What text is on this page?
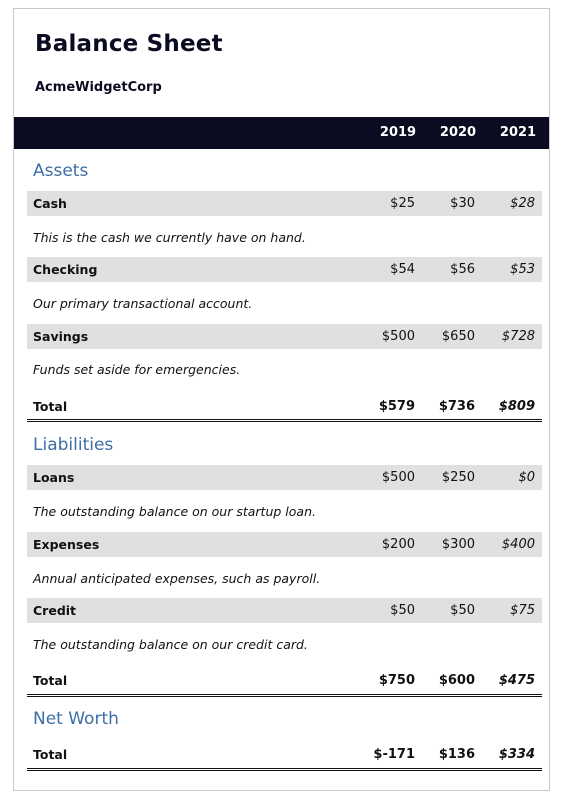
Balance Sheet
AcmeWidgetCorp
2019	2020	2021
Assets
Cash	$25	$30	$28
This is the cash we currently have on hand.
Checking	$54	$56	$53
Our primary transactional account.
Savings	$500	$650	$728
Funds set aside for emergencies.
Total	$579	$736	$809
Liabilities
Loans	$500	$250	$0
The outstanding balance on our startup loan.
Expenses	$200	$300	$400
Annual anticipated expenses, such as payroll.
Credit	$50	$50	$75
The outstanding balance on our credit card.
Total	$750	$600	$475
Net Worth
Total	$-171	$136	$334
